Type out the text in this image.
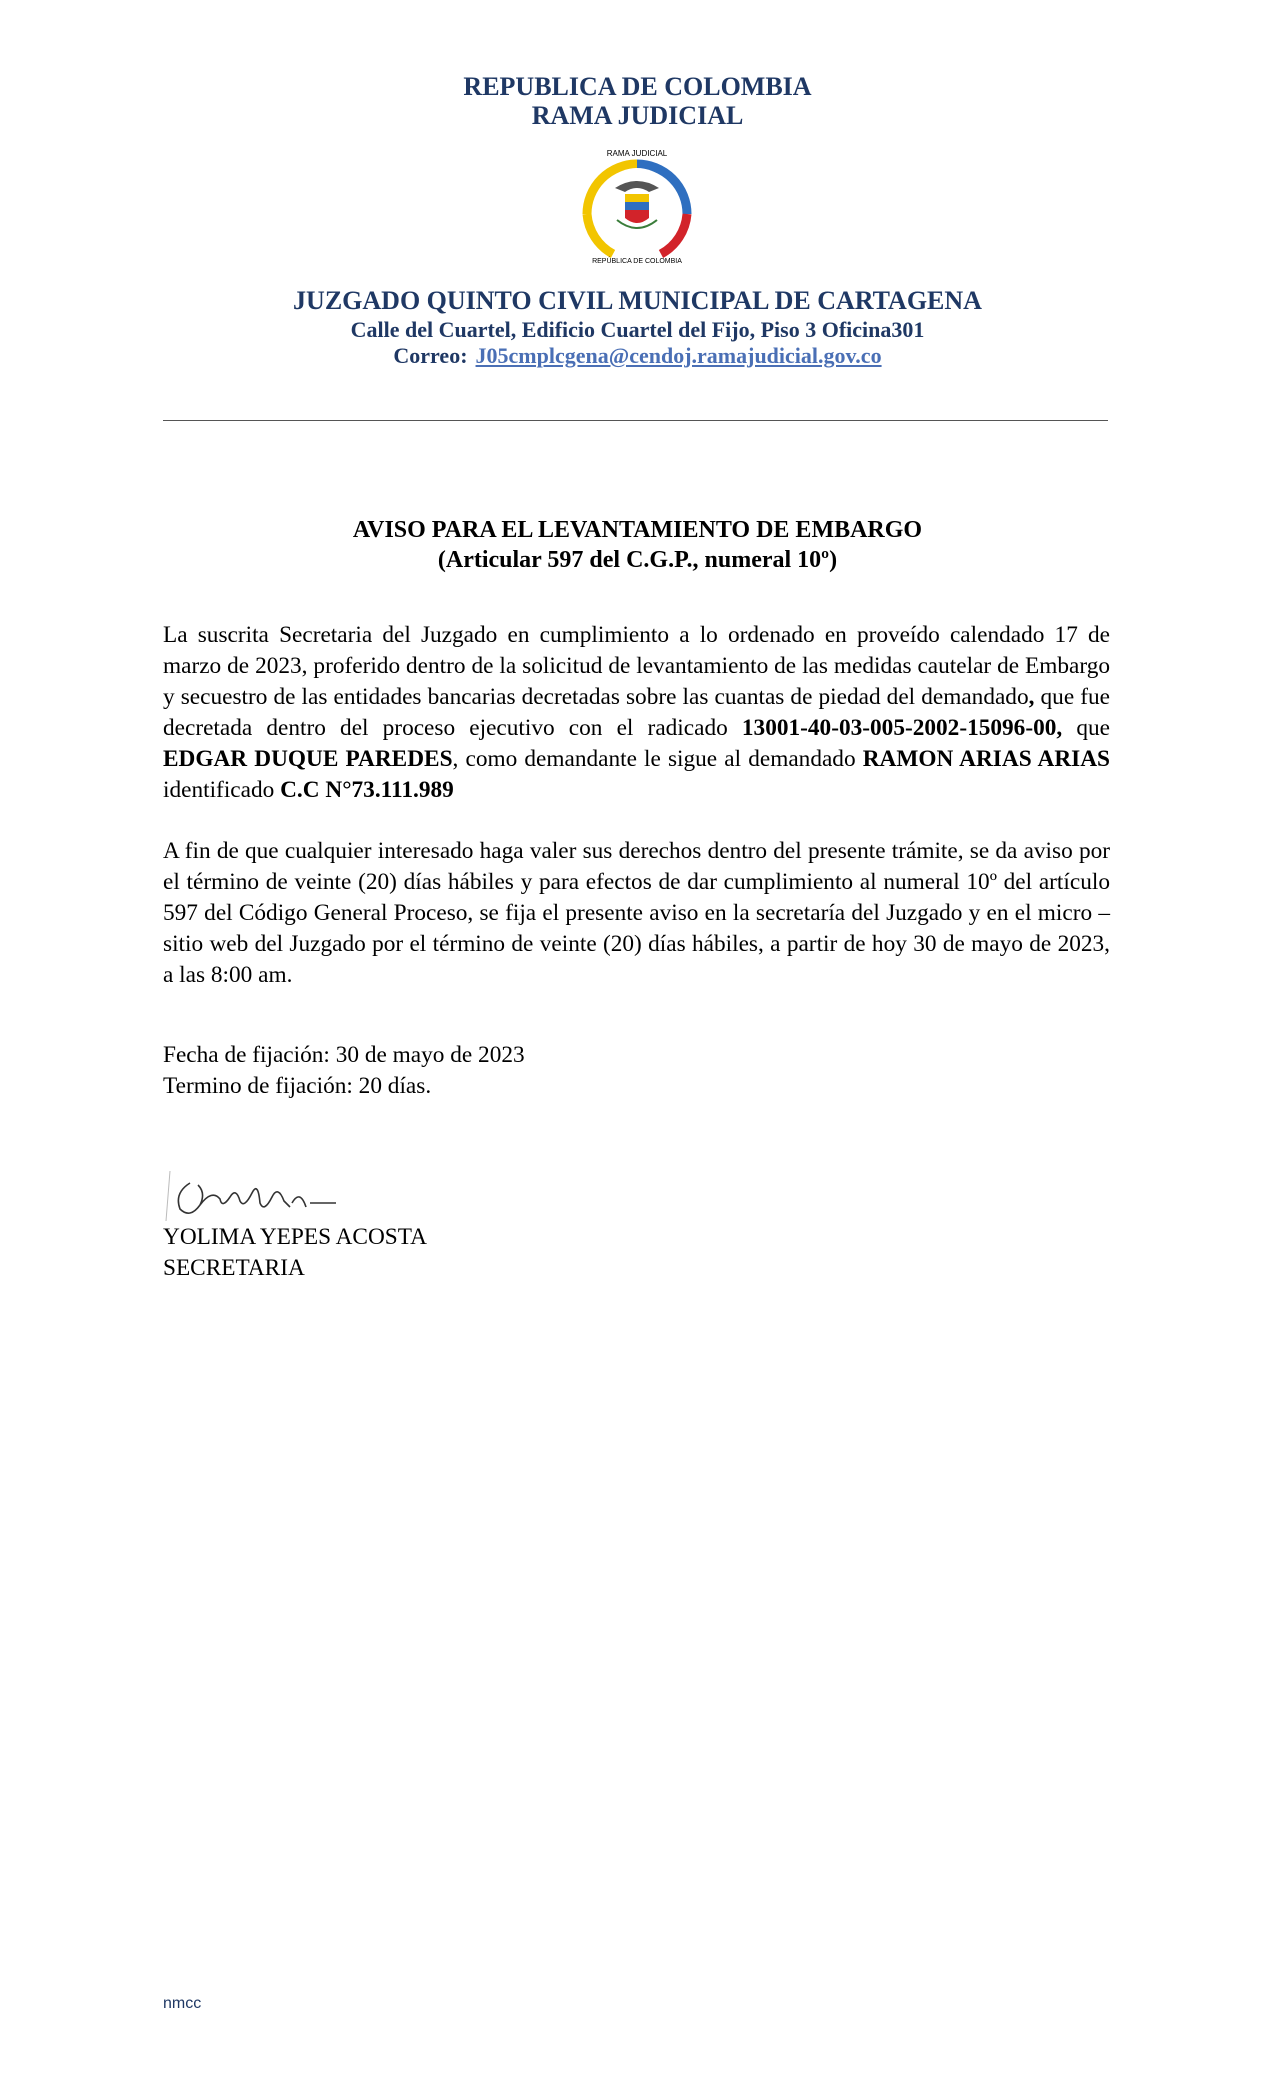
REPUBLICA DE COLOMBIA
RAMA JUDICIAL
RAMA JUDICIAL
REPÚBLICA DE COLOMBIA
JUZGADO QUINTO CIVIL MUNICIPAL DE CARTAGENA
Calle del Cuartel, Edificio Cuartel del Fijo, Piso 3 Oficina301
Correo: J05cmplcgena@cendoj.ramajudicial.gov.co
AVISO PARA EL LEVANTAMIENTO DE EMBARGO
(Articular 597 del C.G.P., numeral 10º)
La suscrita Secretaria del Juzgado en cumplimiento a lo ordenado en proveído calendado 17 de marzo de 2023, proferido dentro de la solicitud de levantamiento de las medidas cautelar de Embargo y secuestro de las entidades bancarias decretadas sobre las cuantas de piedad del demandado, que fue decretada dentro del proceso ejecutivo con el radicado 13001-40-03-005-2002-15096-00, que EDGAR DUQUE PAREDES, como demandante le sigue al demandado RAMON ARIAS ARIAS identificado C.C N°73.111.989
A fin de que cualquier interesado haga valer sus derechos dentro del presente trámite, se da aviso por el término de veinte (20) días hábiles y para efectos de dar cumplimiento al numeral 10º del artículo 597 del Código General Proceso, se fija el presente aviso en la secretaría del Juzgado y en el micro – sitio web del Juzgado por el término de veinte (20) días hábiles, a partir de hoy 30 de mayo de 2023, a las 8:00 am.
Fecha de fijación: 30 de mayo de 2023
Termino de fijación: 20 días.
YOLIMA YEPES ACOSTA
SECRETARIA
nmcc
